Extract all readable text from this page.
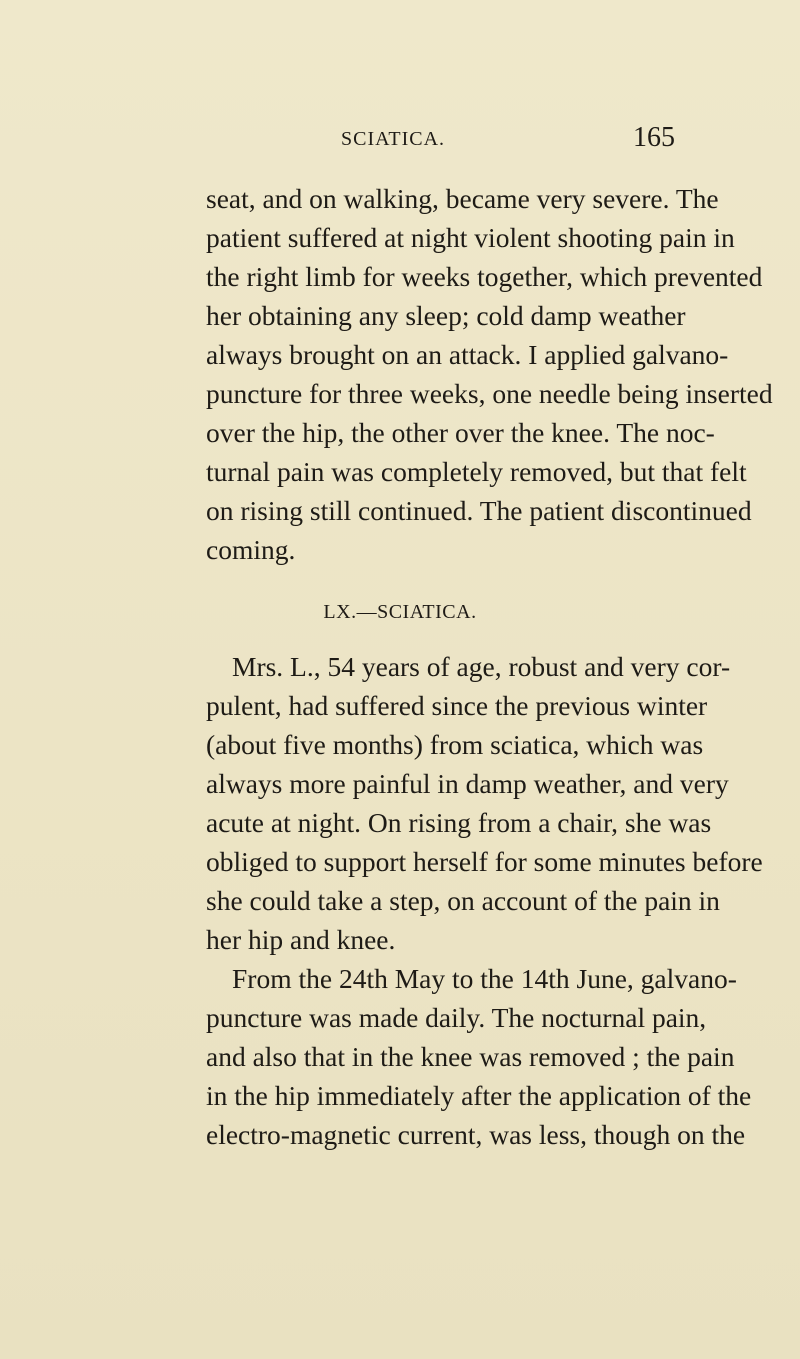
SCIATICA.	165
seat, and on walking, became very severe. The
patient suffered at night violent shooting pain in
the right limb for weeks together, which prevented
her obtaining any sleep; cold damp weather
always brought on an attack. I applied galvano-
puncture for three weeks, one needle being inserted
over the hip, the other over the knee. The noc-
turnal pain was completely removed, but that felt
on rising still continued. The patient discontinued
coming.
LX.—SCIATICA.
Mrs. L., 54 years of age, robust and very cor-
pulent, had suffered since the previous winter
(about five months) from sciatica, which was
always more painful in damp weather, and very
acute at night. On rising from a chair, she was
obliged to support herself for some minutes before
she could take a step, on account of the pain in
her hip and knee.
From the 24th May to the 14th June, galvano-
puncture was made daily. The nocturnal pain,
and also that in the knee was removed ; the pain
in the hip immediately after the application of the
electro-magnetic current, was less, though on the
